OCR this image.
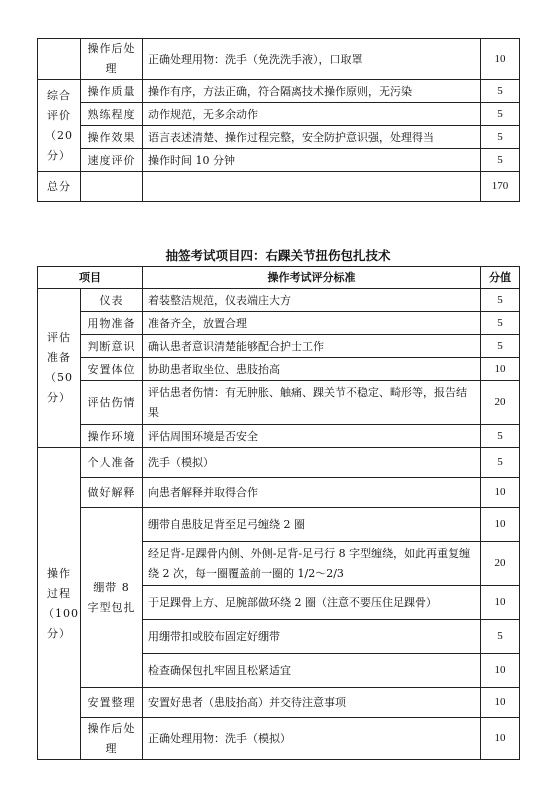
	操作后处理	正确处理用物：洗手（免洗洗手液），口取罩	10
综合评价（20分）	操作质量	操作有序，方法正确，符合隔离技术操作原则，无污染	5
	熟练程度	动作规范，无多余动作	5
	操作效果	语言表述清楚、操作过程完整，安全防护意识强，处理得当	5
	速度评价	操作时间 10 分钟	5
总分			170
抽签考试项目四：右踝关节扭伤包扎技术
项目		操作考试评分标准	分值
评估准备（50分）	仪表	着装整洁规范，仪表端庄大方	5
	用物准备	准备齐全，放置合理	5
	判断意识	确认患者意识清楚能够配合护士工作	5
	安置体位	协助患者取坐位、患肢抬高	10
	评估伤情	评估患者伤情：有无肿胀、触痛、踝关节不稳定、畸形等，报告结果	20
	操作环境	评估周围环境是否安全	5
操作过程（100分）	个人准备	洗手（模拟）	5
	做好解释	向患者解释并取得合作	10
	绷带 8 字型包扎	绷带自患肢足背至足弓缠绕 2 圈	10
		经足背-足踝骨内侧、外侧-足背-足弓行 8 字型缠绕，如此再重复缠绕 2 次，每一圈覆盖前一圈的 1/2～2/3	20
		于足踝骨上方、足腕部做环绕 2 圈（注意不要压住足踝骨）	10
		用绷带扣或胶布固定好绷带	5
		检查确保包扎牢固且松紧适宜	10
	安置整理	安置好患者（患肢抬高）并交待注意事项	10
	操作后处理	正确处理用物：洗手（模拟）	10
